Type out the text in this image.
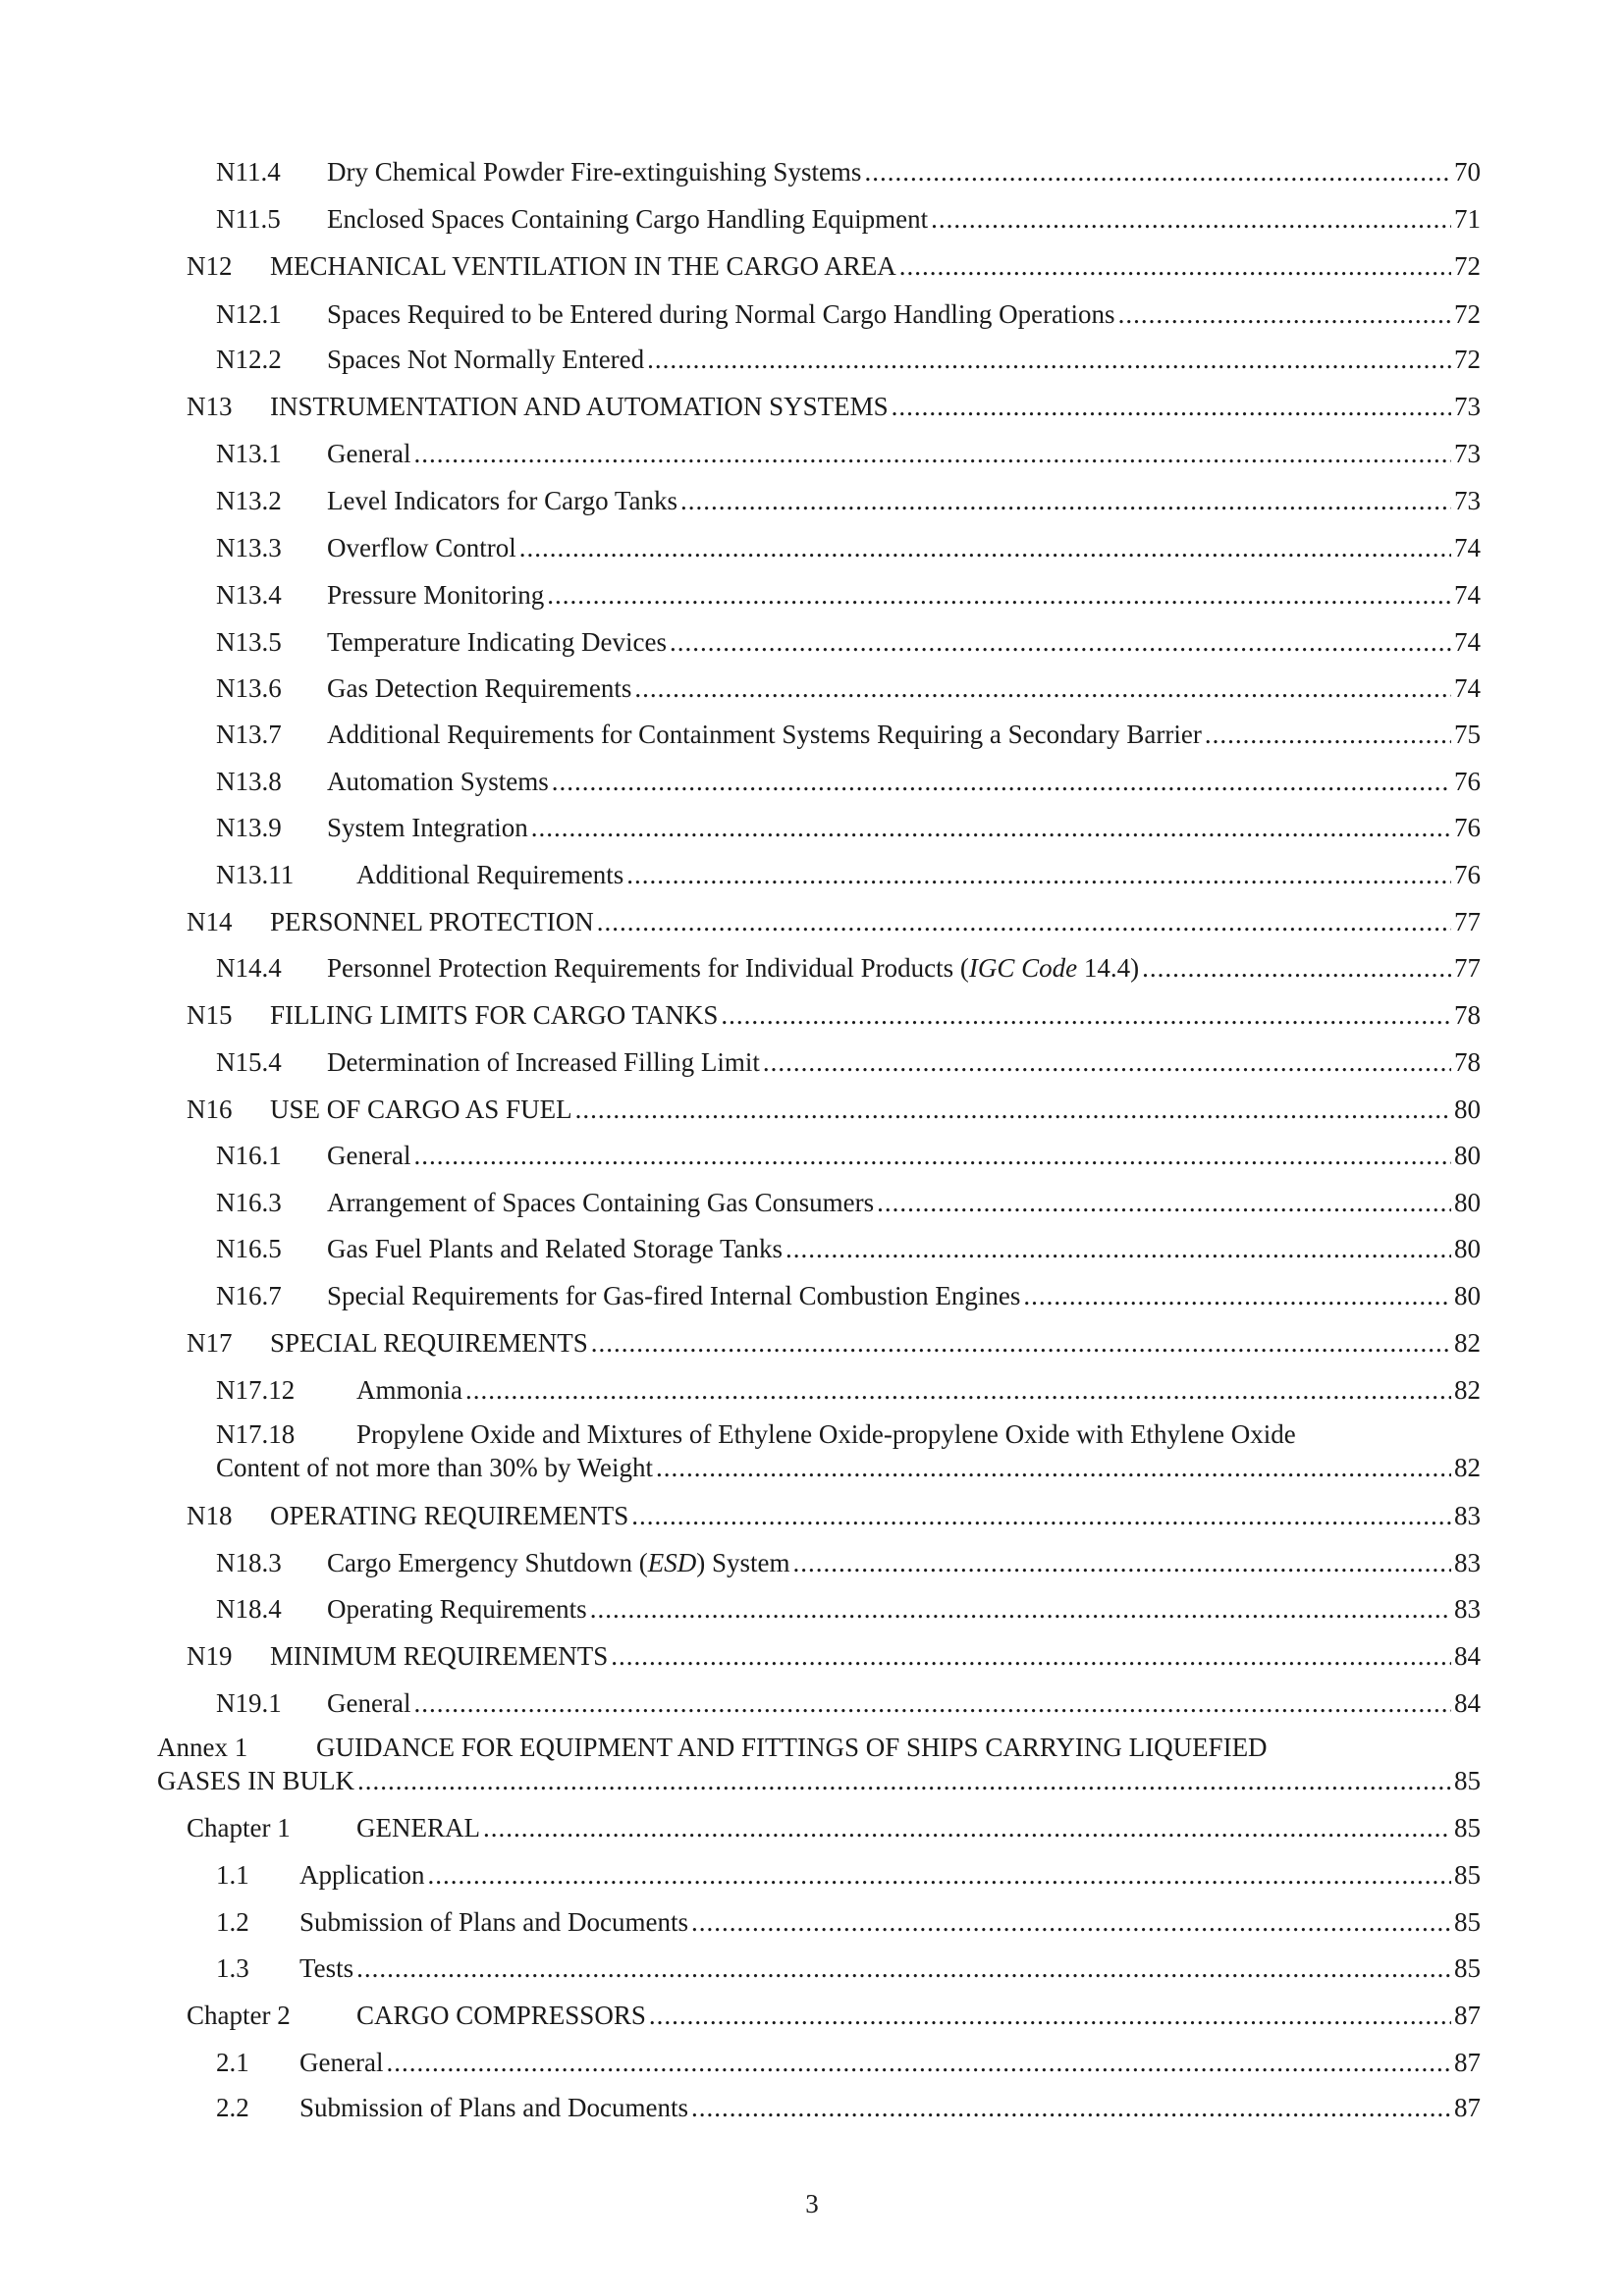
N11.4	Dry Chemical Powder Fire-extinguishing Systems .....	70
N11.5	Enclosed Spaces Containing Cargo Handling Equipment .....	71
N12	MECHANICAL VENTILATION IN THE CARGO AREA .....	72
N12.1	Spaces Required to be Entered during Normal Cargo Handling Operations .....	72
N12.2	Spaces Not Normally Entered .....	72
N13	INSTRUMENTATION AND AUTOMATION SYSTEMS .....	73
N13.1	General .....	73
N13.2	Level Indicators for Cargo Tanks .....	73
N13.3	Overflow Control .....	74
N13.4	Pressure Monitoring .....	74
N13.5	Temperature Indicating Devices .....	74
N13.6	Gas Detection Requirements .....	74
N13.7	Additional Requirements for Containment Systems Requiring a Secondary Barrier .....	75
N13.8	Automation Systems .....	76
N13.9	System Integration .....	76
N13.11	Additional Requirements .....	76
N14	PERSONNEL PROTECTION .....	77
N14.4	Personnel Protection Requirements for Individual Products (IGC Code 14.4) .....	77
N15	FILLING LIMITS FOR CARGO TANKS .....	78
N15.4	Determination of Increased Filling Limit .....	78
N16	USE OF CARGO AS FUEL .....	80
N16.1	General .....	80
N16.3	Arrangement of Spaces Containing Gas Consumers .....	80
N16.5	Gas Fuel Plants and Related Storage Tanks .....	80
N16.7	Special Requirements for Gas-fired Internal Combustion Engines .....	80
N17	SPECIAL REQUIREMENTS .....	82
N17.12	Ammonia .....	82
N17.18	Propylene Oxide and Mixtures of Ethylene Oxide-propylene Oxide with Ethylene Oxide
Content of not more than 30% by Weight .....	82
N18	OPERATING REQUIREMENTS .....	83
N18.3	Cargo Emergency Shutdown (ESD) System .....	83
N18.4	Operating Requirements .....	83
N19	MINIMUM REQUIREMENTS .....	84
N19.1	General .....	84
Annex 1	GUIDANCE FOR EQUIPMENT AND FITTINGS OF SHIPS CARRYING LIQUEFIED
GASES IN BULK .....	85
Chapter 1	GENERAL .....	85
1.1	Application .....	85
1.2	Submission of Plans and Documents .....	85
1.3	Tests .....	85
Chapter 2	CARGO COMPRESSORS .....	87
2.1	General .....	87
2.2	Submission of Plans and Documents .....	87
3
